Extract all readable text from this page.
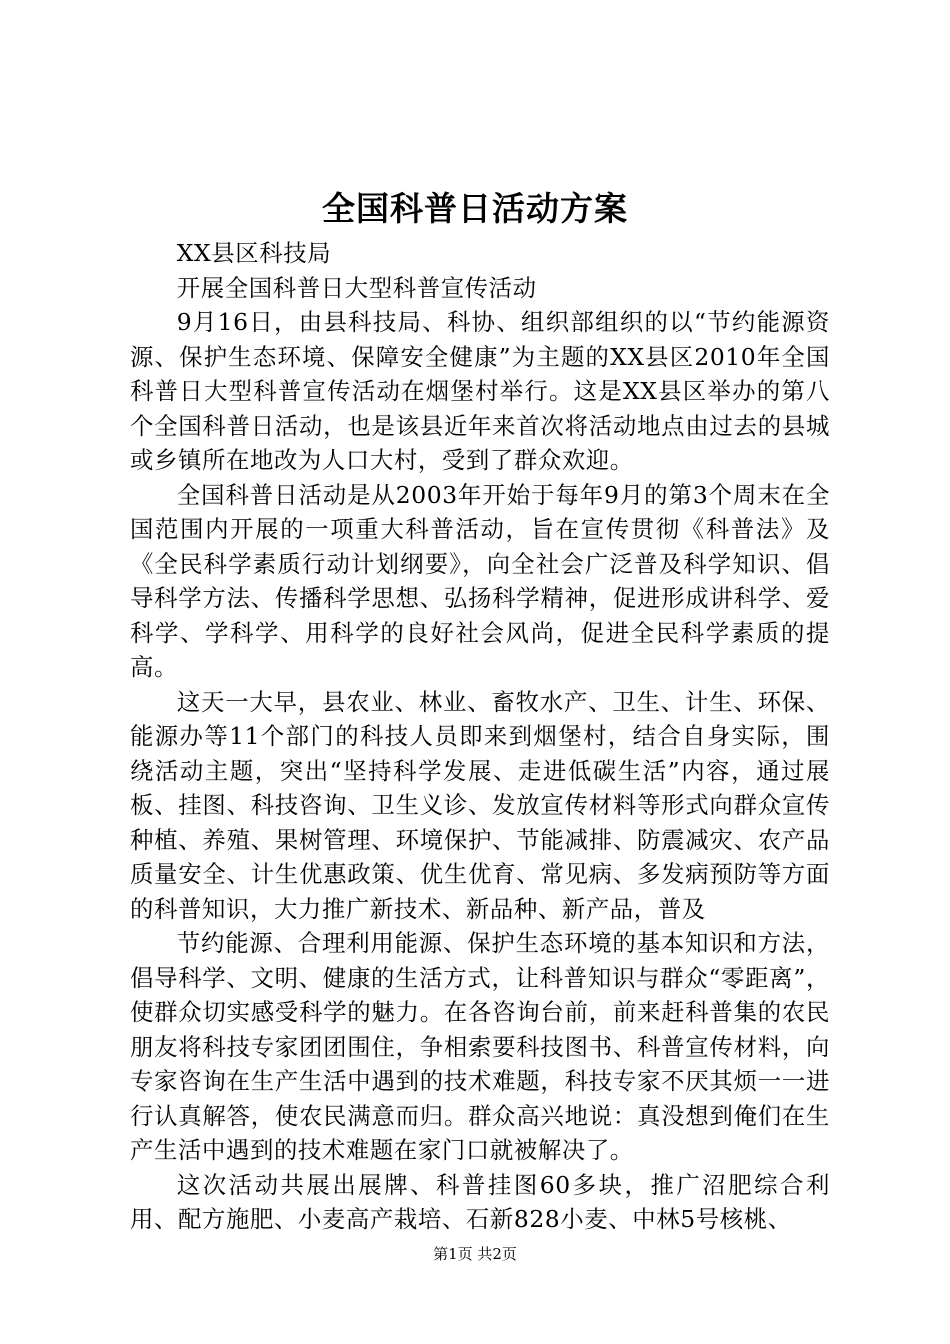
全国科普日活动方案

XX县区科技局

开展全国科普日大型科普宣传活动

9月16日，由县科技局、科协、组织部组织的以“节约能源资源、保护生态环境、保障安全健康”为主题的XX县区2010年全国科普日大型科普宣传活动在烟堡村举行。这是XX县区举办的第八个全国科普日活动，也是该县近年来首次将活动地点由过去的县城或乡镇所在地改为人口大村，受到了群众欢迎。

全国科普日活动是从2003年开始于每年9月的第3个周末在全国范围内开展的一项重大科普活动，旨在宣传贯彻《科普法》及《全民科学素质行动计划纲要》，向全社会广泛普及科学知识、倡导科学方法、传播科学思想、弘扬科学精神，促进形成讲科学、爱科学、学科学、用科学的良好社会风尚，促进全民科学素质的提高。

这天一大早，县农业、林业、畜牧水产、卫生、计生、环保、能源办等11个部门的科技人员即来到烟堡村，结合自身实际，围绕活动主题，突出“坚持科学发展、走进低碳生活”内容，通过展板、挂图、科技咨询、卫生义诊、发放宣传材料等形式向群众宣传种植、养殖、果树管理、环境保护、节能减排、防震减灾、农产品质量安全、计生优惠政策、优生优育、常见病、多发病预防等方面的科普知识，大力推广新技术、新品种、新产品，普及

节约能源、合理利用能源、保护生态环境的基本知识和方法，倡导科学、文明、健康的生活方式，让科普知识与群众“零距离”，使群众切实感受科学的魅力。在各咨询台前，前来赶科普集的农民朋友将科技专家团团围住，争相索要科技图书、科普宣传材料，向专家咨询在生产生活中遇到的技术难题，科技专家不厌其烦一一进行认真解答，使农民满意而归。群众高兴地说：真没想到俺们在生产生活中遇到的技术难题在家门口就被解决了。

这次活动共展出展牌、科普挂图60多块，推广沼肥综合利用、配方施肥、小麦高产栽培、石新828小麦、中林5号核桃、

第1页 共2页
